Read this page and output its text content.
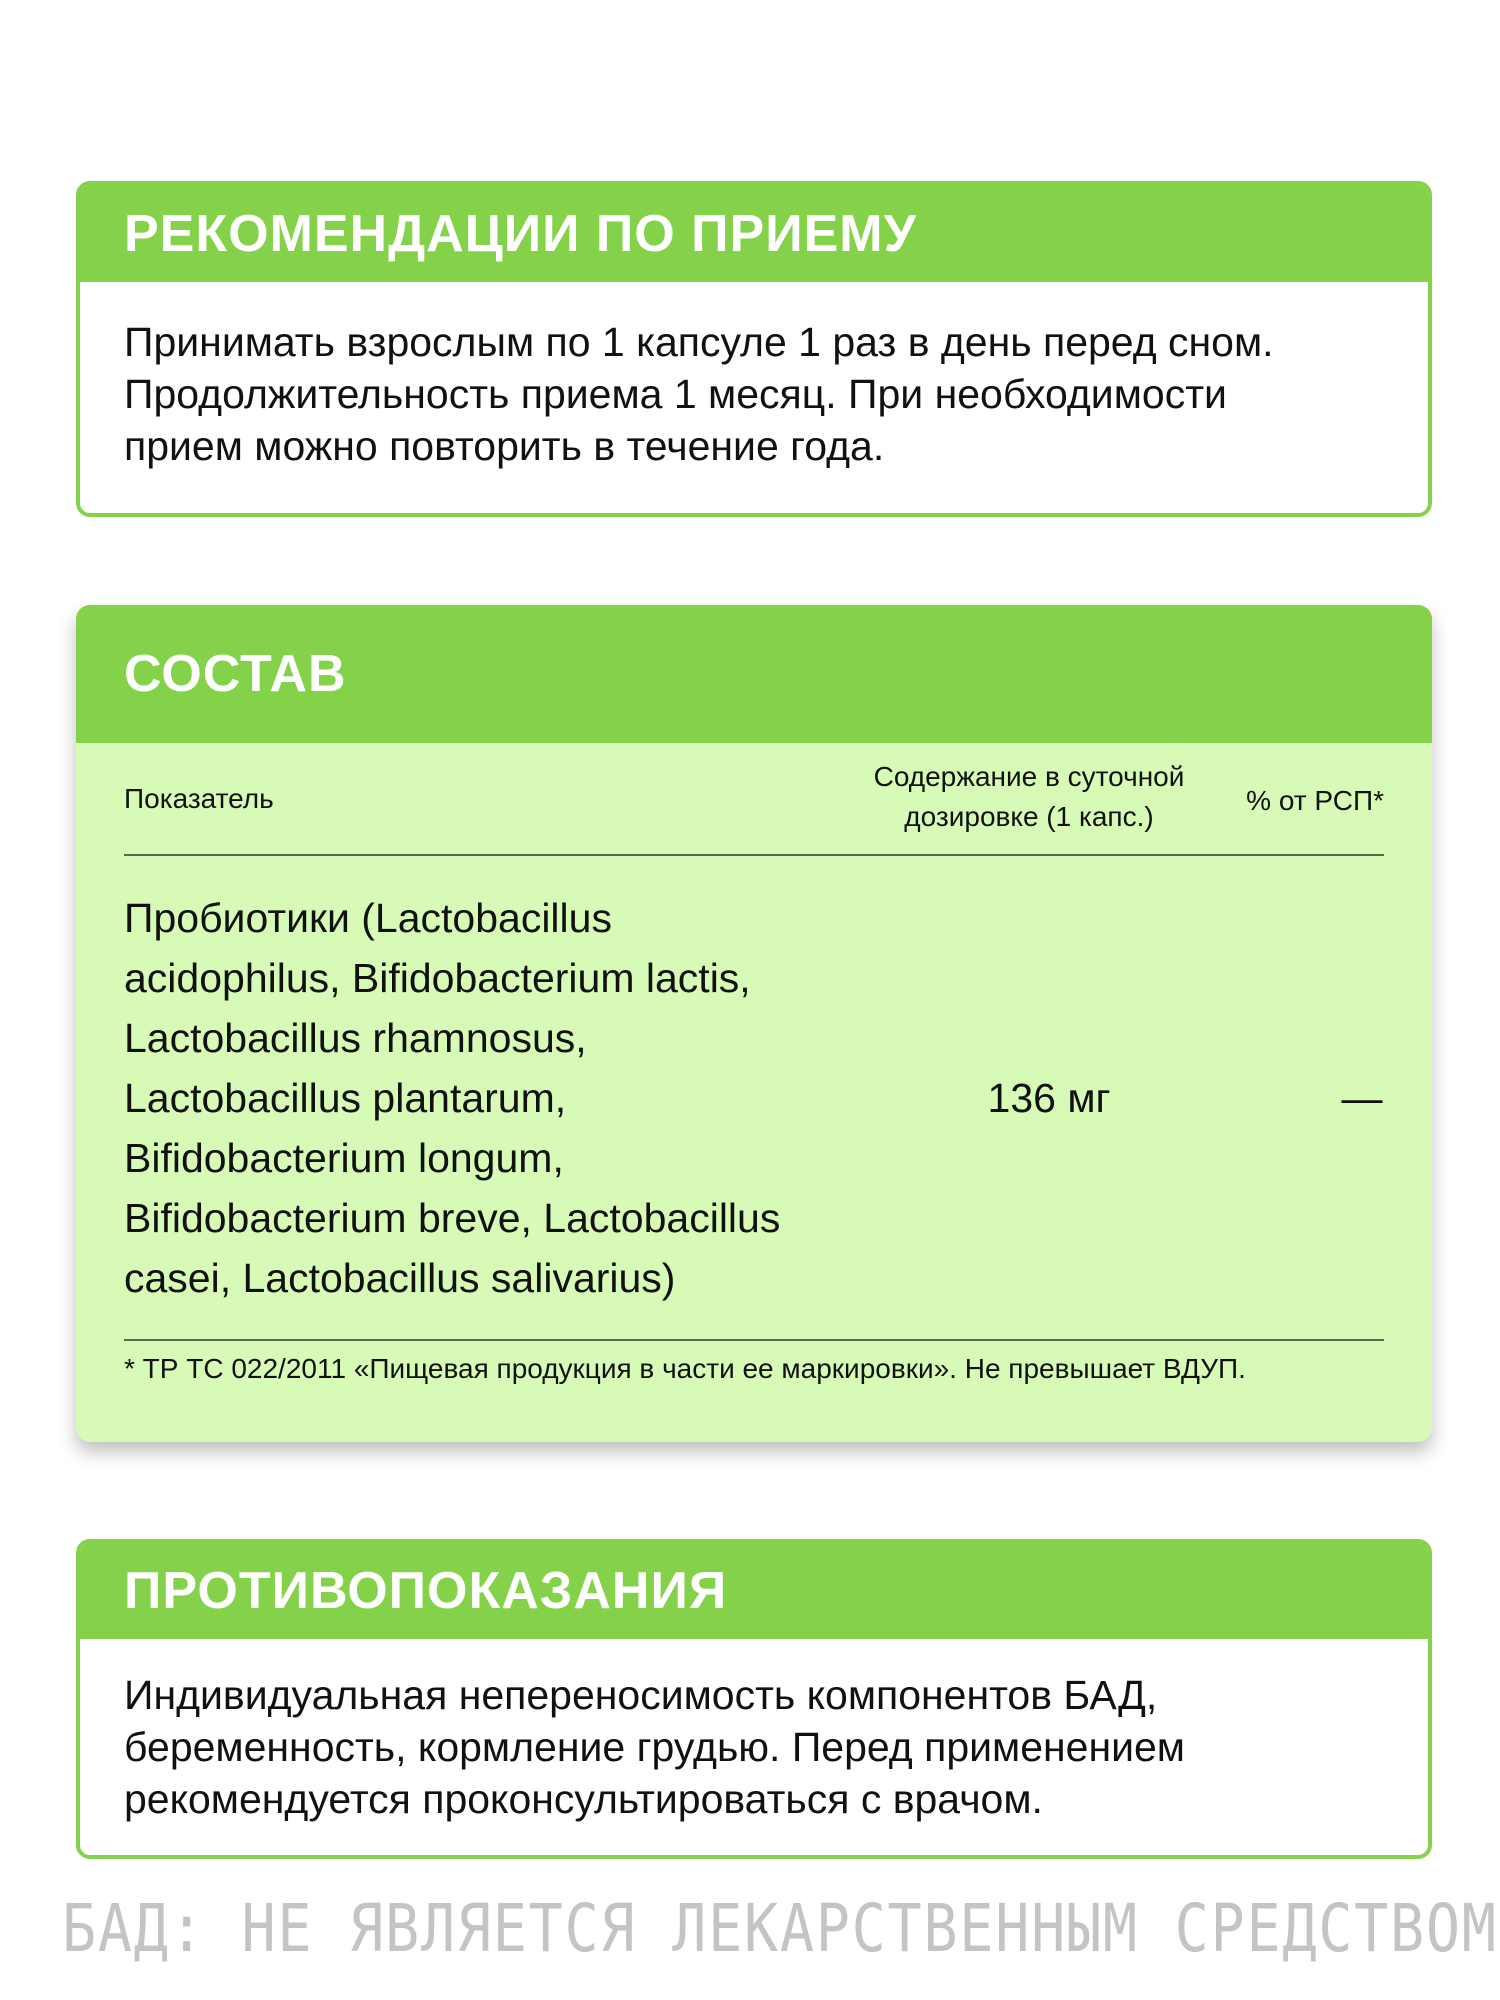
РЕКОМЕНДАЦИИ ПО ПРИЕМУ
Принимать взрослым по 1 капсуле 1 раз в день перед сном.
Продолжительность приема 1 месяц. При необходимости
прием можно повторить в течение года.
СОСТАВ
Показатель
Содержание в суточной
дозировке (1 капс.)
% от РСП*
Пробиотики (Lactobacillus
acidophilus, Bifidobacterium lactis,
Lactobacillus rhamnosus,
Lactobacillus plantarum,
Bifidobacterium longum,
Bifidobacterium breve, Lactobacillus
casei, Lactobacillus salivarius)
136 мг	—
* ТР ТС 022/2011 «Пищевая продукция в части ее маркировки». Не превышает ВДУП.
ПРОТИВОПОКАЗАНИЯ
Индивидуальная непереносимость компонентов БАД,
беременность, кормление грудью. Перед применением
рекомендуется проконсультироваться с врачом.
БАД: НЕ ЯВЛЯЕТСЯ ЛЕКАРСТВЕННЫМ СРЕДСТВОМ
